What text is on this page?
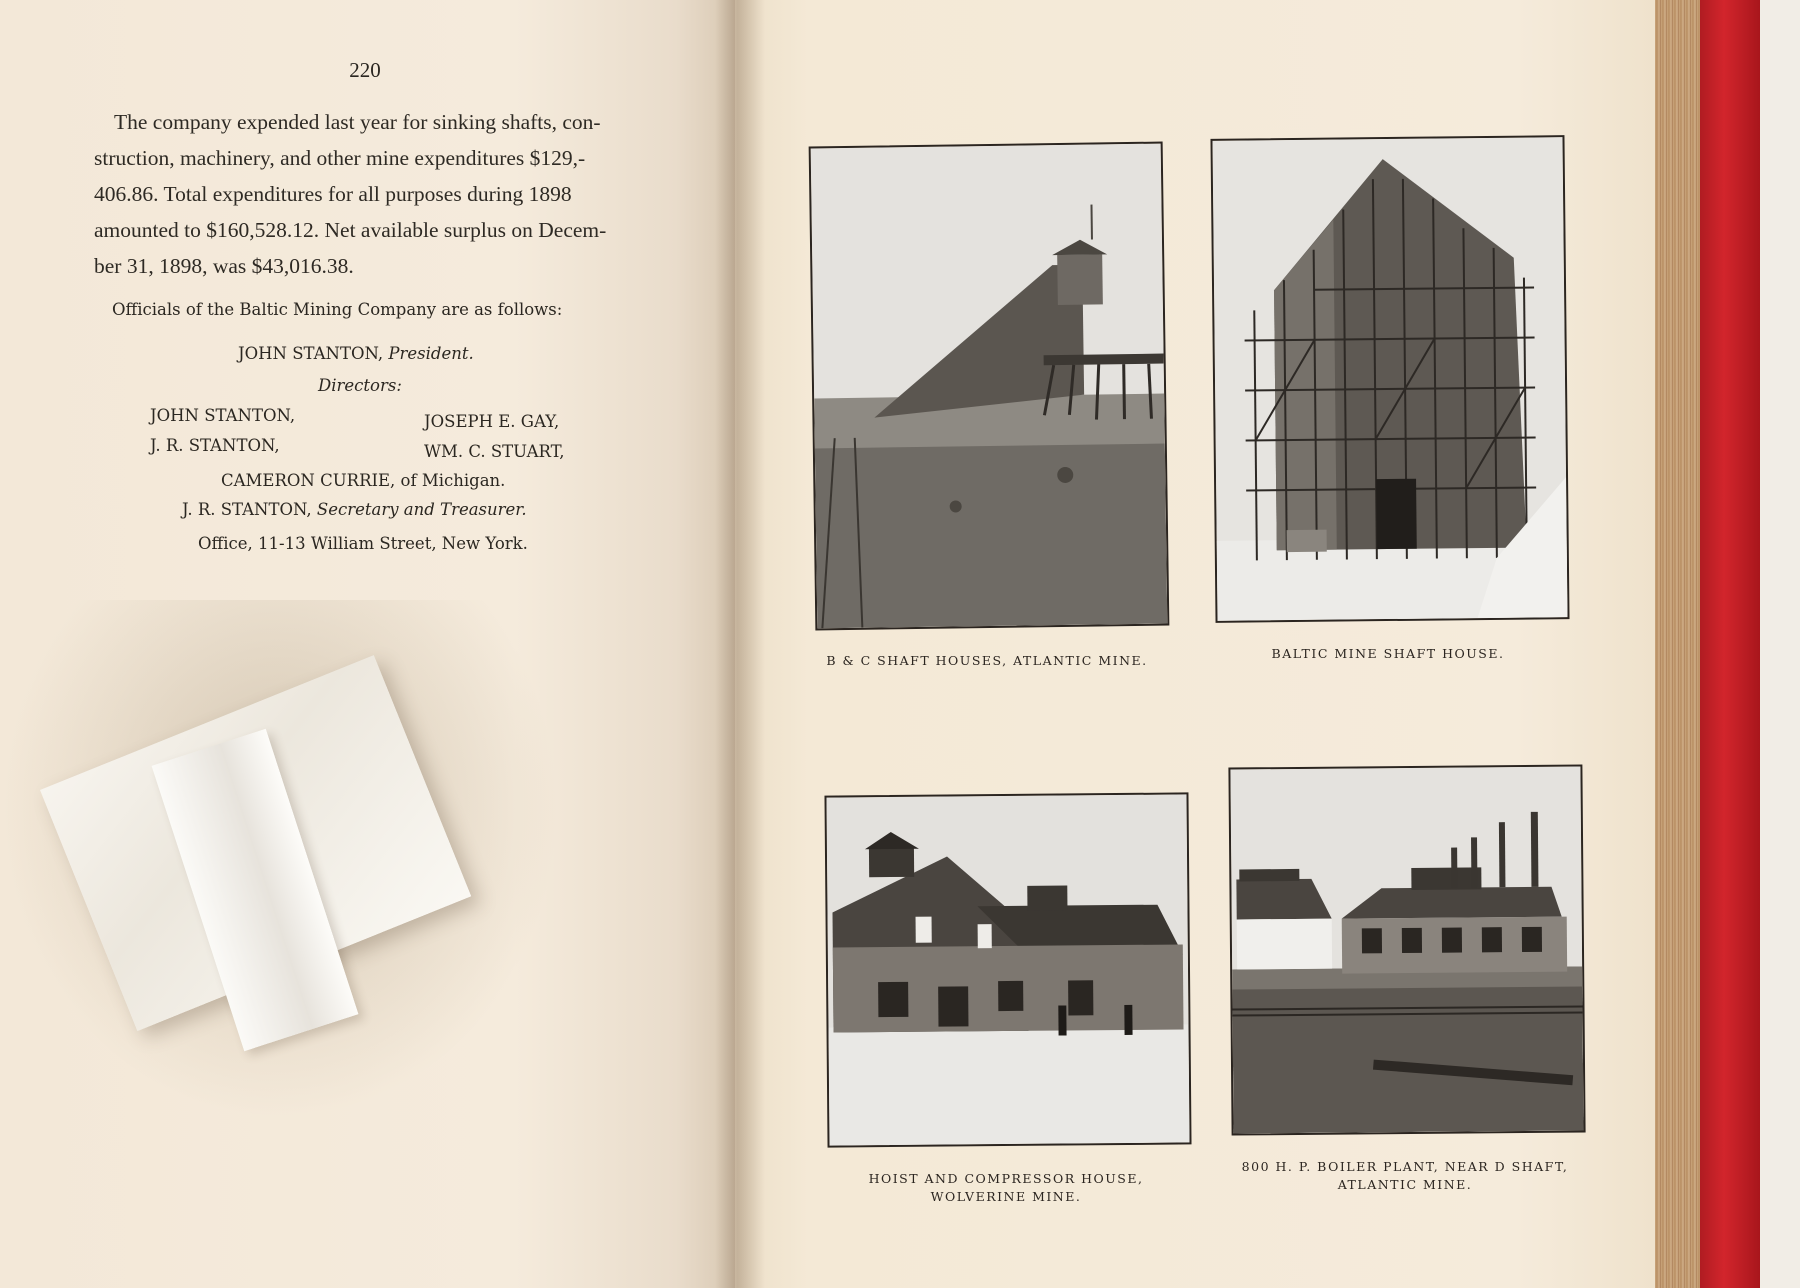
220
The company expended last year for sinking shafts, con-
struction, machinery, and other mine expenditures $129,-
406.86. Total expenditures for all purposes during 1898
amounted to $160,528.12. Net available surplus on Decem-
ber 31, 1898, was $43,016.38.
Officials of the Baltic Mining Company are as follows:
JOHN STANTON, President.
Directors:
JOHN STANTON,	JOSEPH E. GAY,
J. R. STANTON,	WM. C. STUART,
CAMERON CURRIE, of Michigan.
J. R. STANTON, Secretary and Treasurer.
Office, 11-13 William Street, New York.
B & C SHAFT HOUSES, ATLANTIC MINE.	BALTIC MINE SHAFT HOUSE.
HOIST AND COMPRESSOR HOUSE,
WOLVERINE MINE.
800 H. P. BOILER PLANT, NEAR D SHAFT,
ATLANTIC MINE.
